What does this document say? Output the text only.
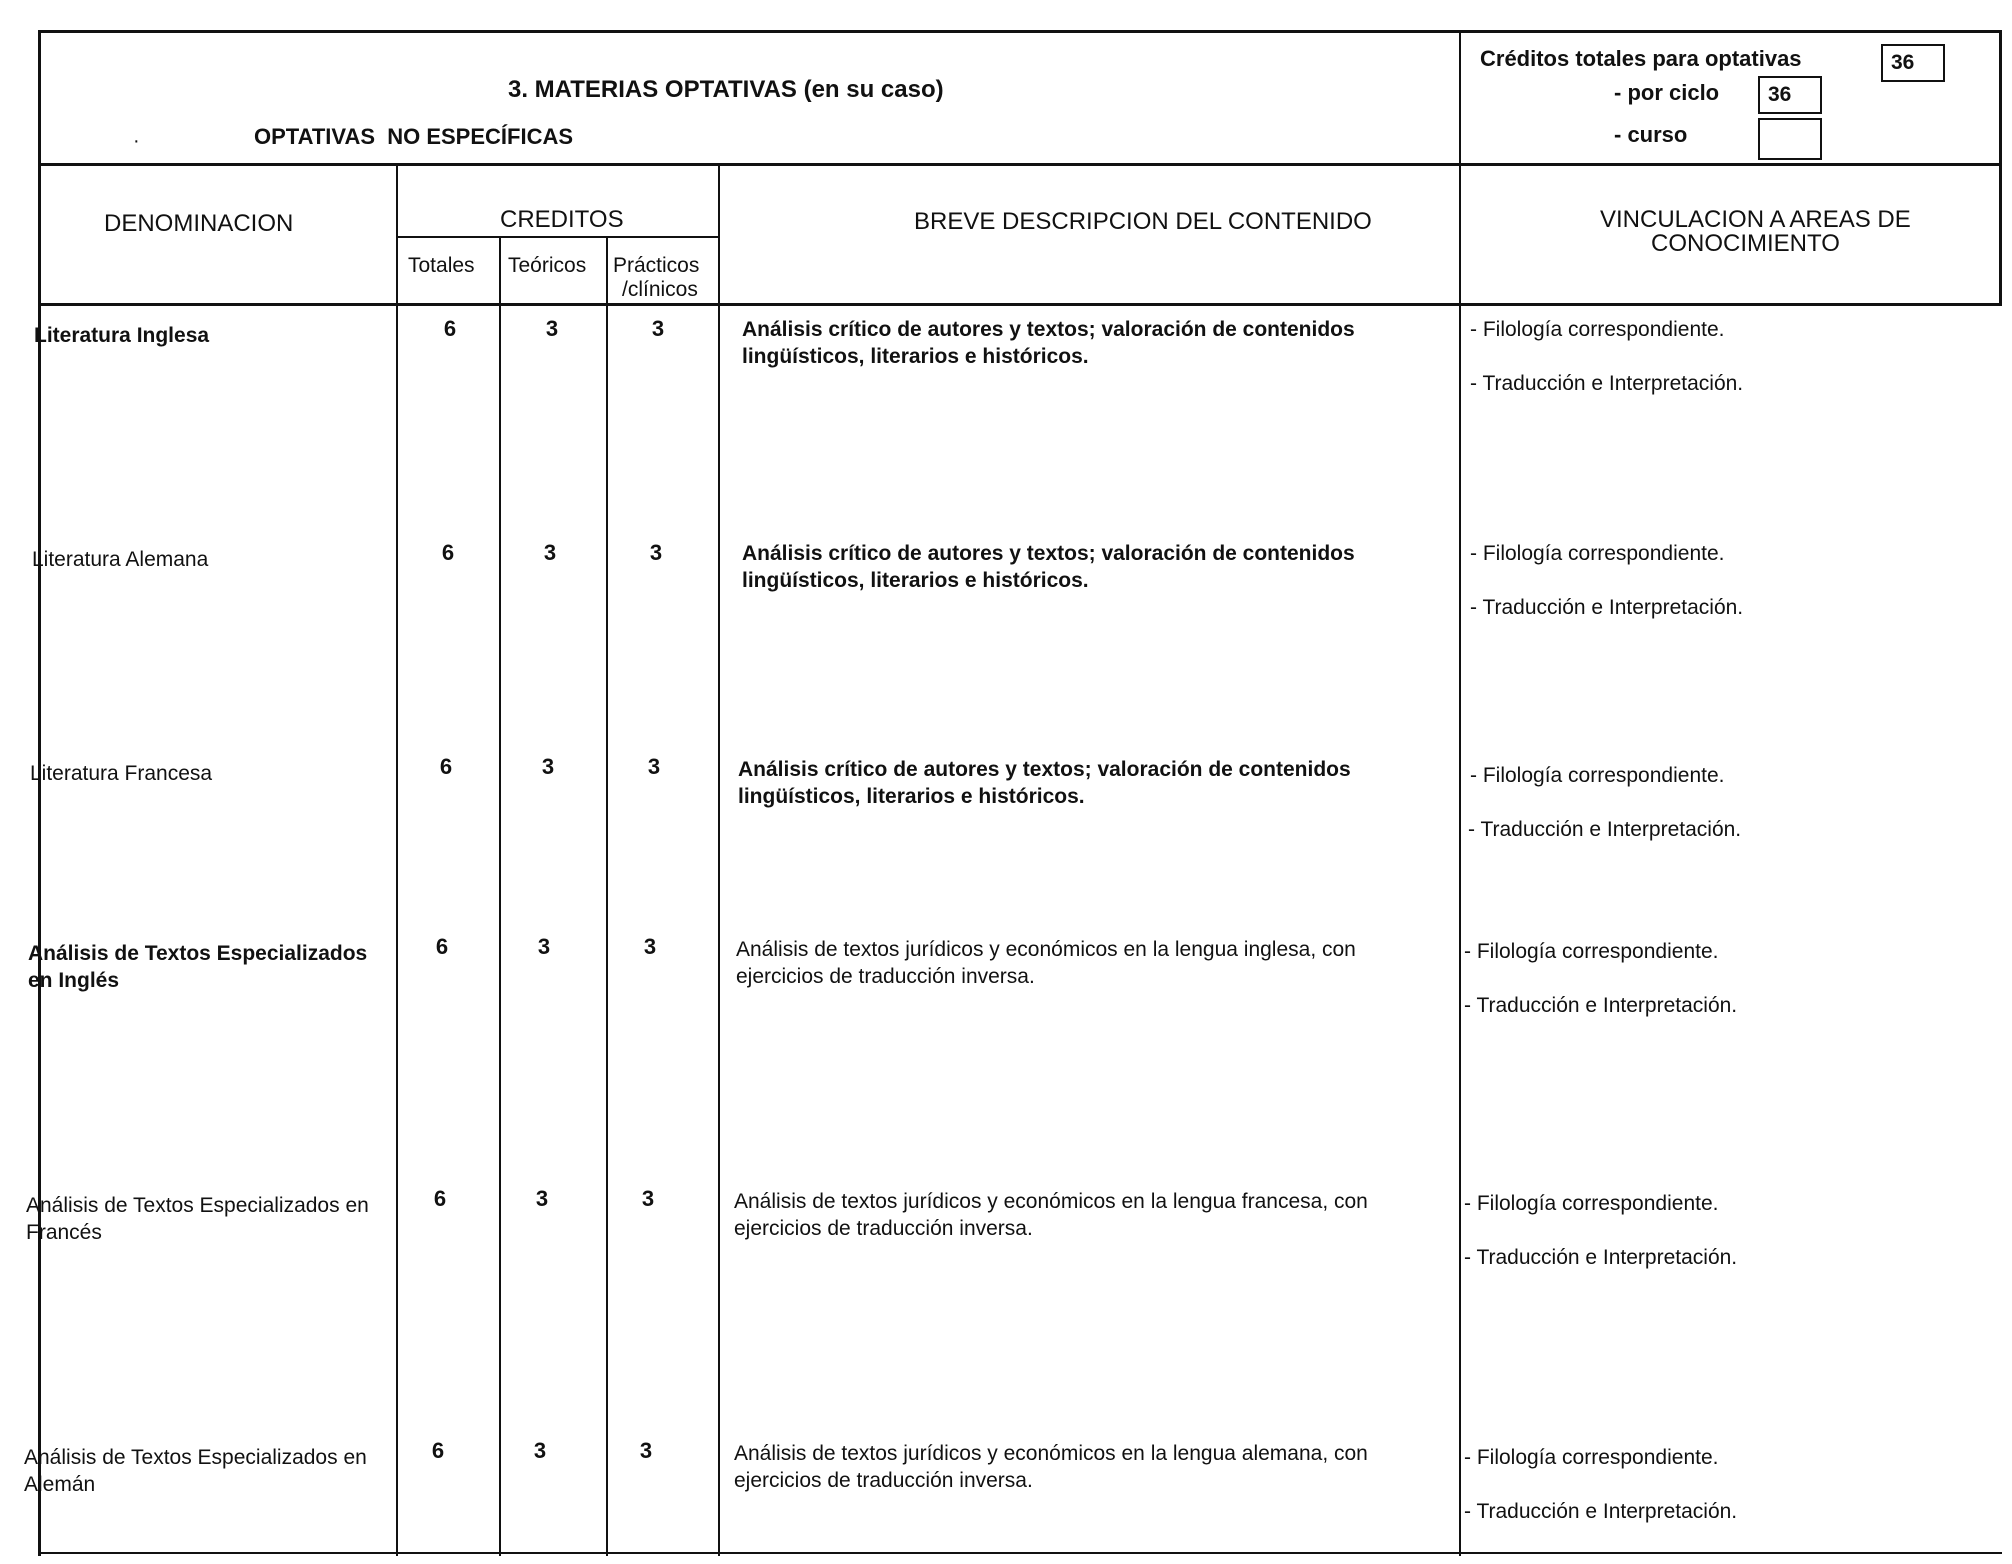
3. MATERIAS OPTATIVAS (en su caso)
·	OPTATIVAS  NO ESPECÍFICAS
Créditos totales para optativas	36
- por ciclo	36
- curso
DENOMINACION	CREDITOS
Totales Teóricos Prácticos
/clínicos
BREVE DESCRIPCION DEL CONTENIDO	VINCULACION A AREAS DE
CONOCIMIENTO
Literatura Inglesa	6	3	3	Análisis crítico de autores y textos; valoración de contenidos lingüísticos, literarios e históricos.
- Filología correspondiente.
- Traducción e Interpretación.
Literatura Alemana	6	3	3	Análisis crítico de autores y textos; valoración de contenidos lingüísticos, literarios e históricos.
- Filología correspondiente.
- Traducción e Interpretación.
Literatura Francesa	6	3	3	Análisis crítico de autores y textos; valoración de contenidos lingüísticos, literarios e históricos.
- Filología correspondiente.
- Traducción e Interpretación.
Análisis de Textos Especializados en Inglés
6	3	3	Análisis de textos jurídicos y económicos en la lengua inglesa, con ejercicios de traducción inversa.
- Filología correspondiente.
- Traducción e Interpretación.
Análisis de Textos Especializados en Francés
6	3	3	Análisis de textos jurídicos y económicos en la lengua francesa, con ejercicios de traducción inversa.
- Filología correspondiente.
- Traducción e Interpretación.
Análisis de Textos Especializados en Alemán
6	3	3	Análisis de textos jurídicos y económicos en la lengua alemana, con ejercicios de traducción inversa.
- Filología correspondiente.
- Traducción e Interpretación.
